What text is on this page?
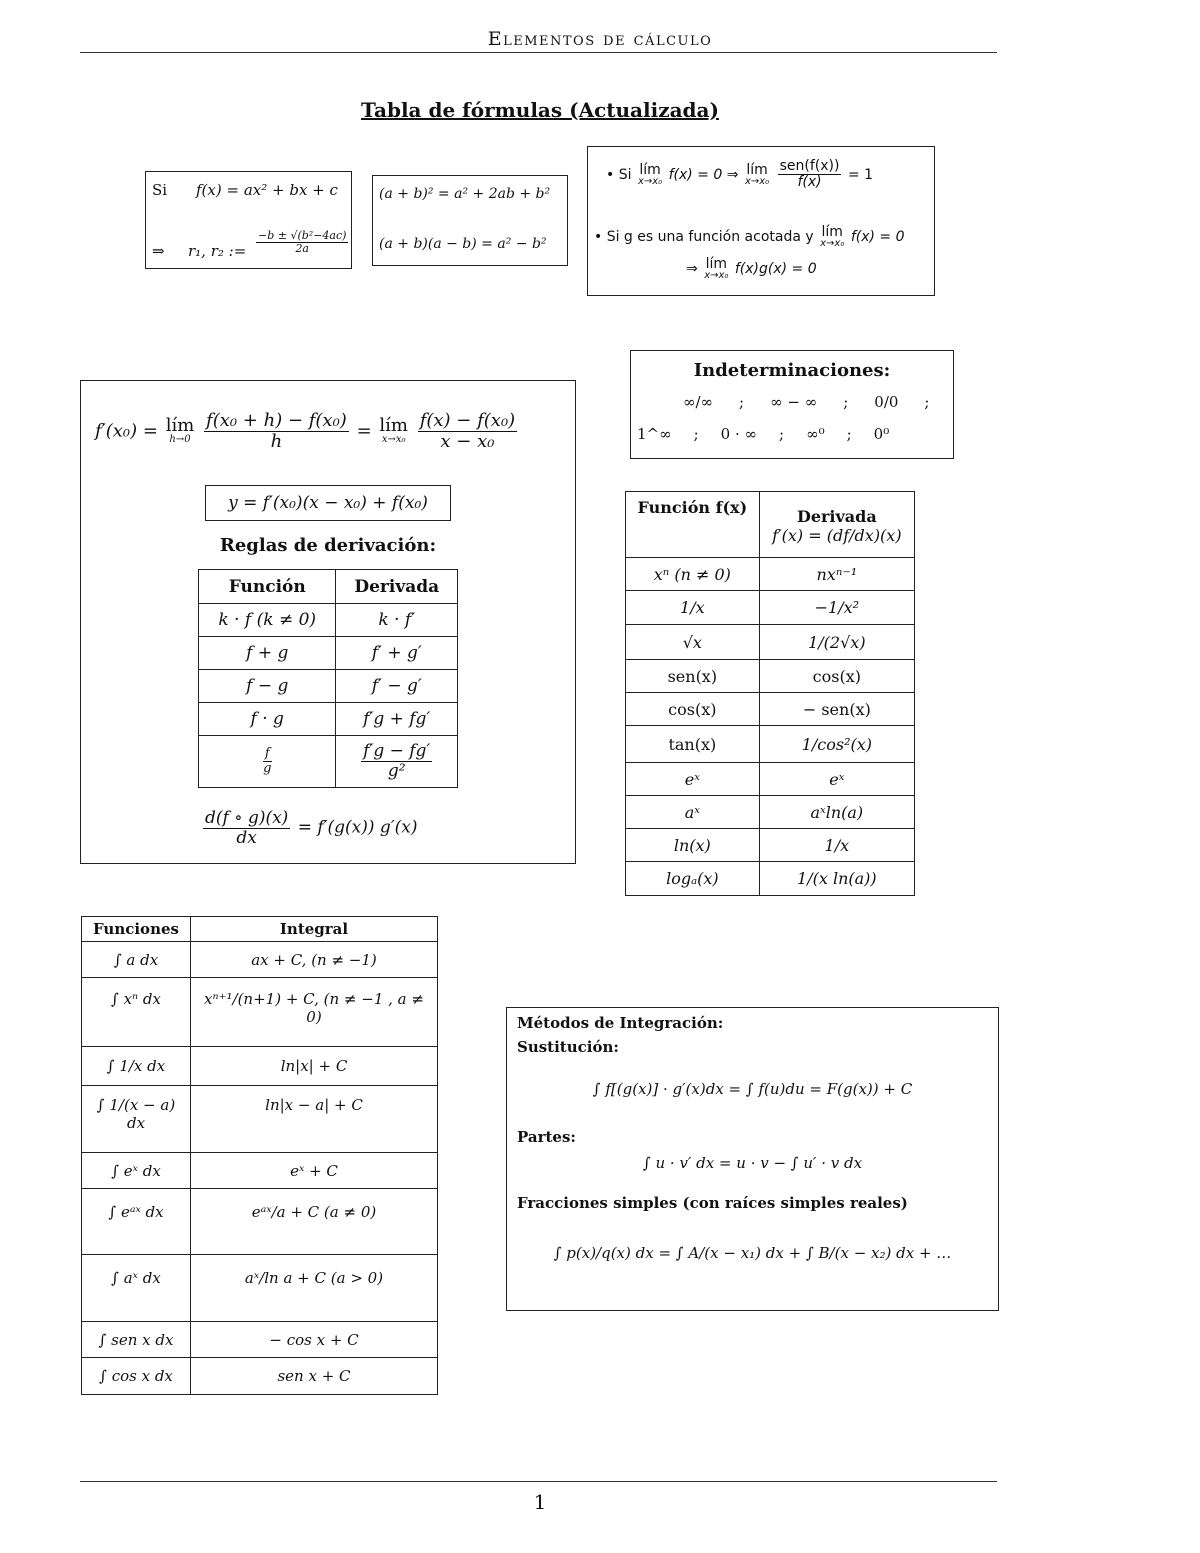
Elementos de cálculo
Tabla de fórmulas (Actualizada)
Si f(x) = ax² + bx + c
⇒ r₁, r₂ := $\frac{\text{−b ± √(b²−4ac)}}{2a}$
(a + b)² = a² + 2ab + b²
(a + b)(a − b) = a² − b²
• Si lím
x→x₀ f(x) = 0 ⇒ lím
x→x₀
$\frac{\text{sen(f(x))}}{f(x)} = 1$
• Si g es una función acotada y lím
x→x₀ f(x) = 0
⇒ lím
x→x₀ f(x)g(x) = 0
Indeterminaciones:
∞/∞ ; ∞ − ∞ ; 0/0 ;
1^∞ ; 0 · ∞ ; ∞⁰ ; 0⁰
f′(x₀) = lím
h→0
$\frac{\text{f(x₀ + h) − f(x₀)}}{h}$ = lím
x→x₀
$\frac{\text{f(x) − f(x₀)}}{\text{x − x₀}}$
y = f′(x₀)(x − x₀) + f(x₀)
Reglas de derivación:
Función	Derivada
k · f (k ≠ 0)	k · f′
f + g	f′ + g′
f − g	f′ − g′
f · g	f′g + fg′

$\frac{f}{g}$	$\frac{f'g - fg'}{\text{g²}}$
$\frac{d(f \circ g)(x)}{dx} = f'(g(x))$ g′(x)
Función f(x)	Derivada
f′(x) = (df/dx)(x)

xⁿ (n ≠ 0)	nxⁿ⁻¹
1/x	−1/x²
√x	1/(2√x)
sen(x)	cos(x)
cos(x)	− sen(x)
tan(x)	1/cos²(x)
eˣ	eˣ
aˣ	aˣln(a)
ln(x)	1/x
logₐ(x)	1/(x ln(a))
Funciones	Integral
∫ a dx	ax + C, (n ≠ −1)
∫ xⁿ dx	xⁿ⁺¹/(n+1) + C, (n ≠ −1 , a ≠ 0)
∫ 1/x dx	ln|x| + C
∫ 1/(x − a) dx	ln|x − a| + C
∫ eˣ dx	eˣ + C
∫ eᵃˣ dx	eᵃˣ/a + C (a ≠ 0)
∫ aˣ dx	aˣ/ln a + C (a > 0)
∫ sen x dx	− cos x + C
∫ cos x dx	sen x + C
Métodos de Integración:
Sustitución:
∫ f[(g(x)] · g′(x)dx = ∫ f(u)du = F(g(x)) + C
Partes:
∫ u · v′ dx = u · v − ∫ u′ · v dx
Fracciones simples (con raíces simples reales)
∫ p(x)/q(x) dx = ∫ A/(x − x₁) dx + ∫ B/(x − x₂) dx + …
1
